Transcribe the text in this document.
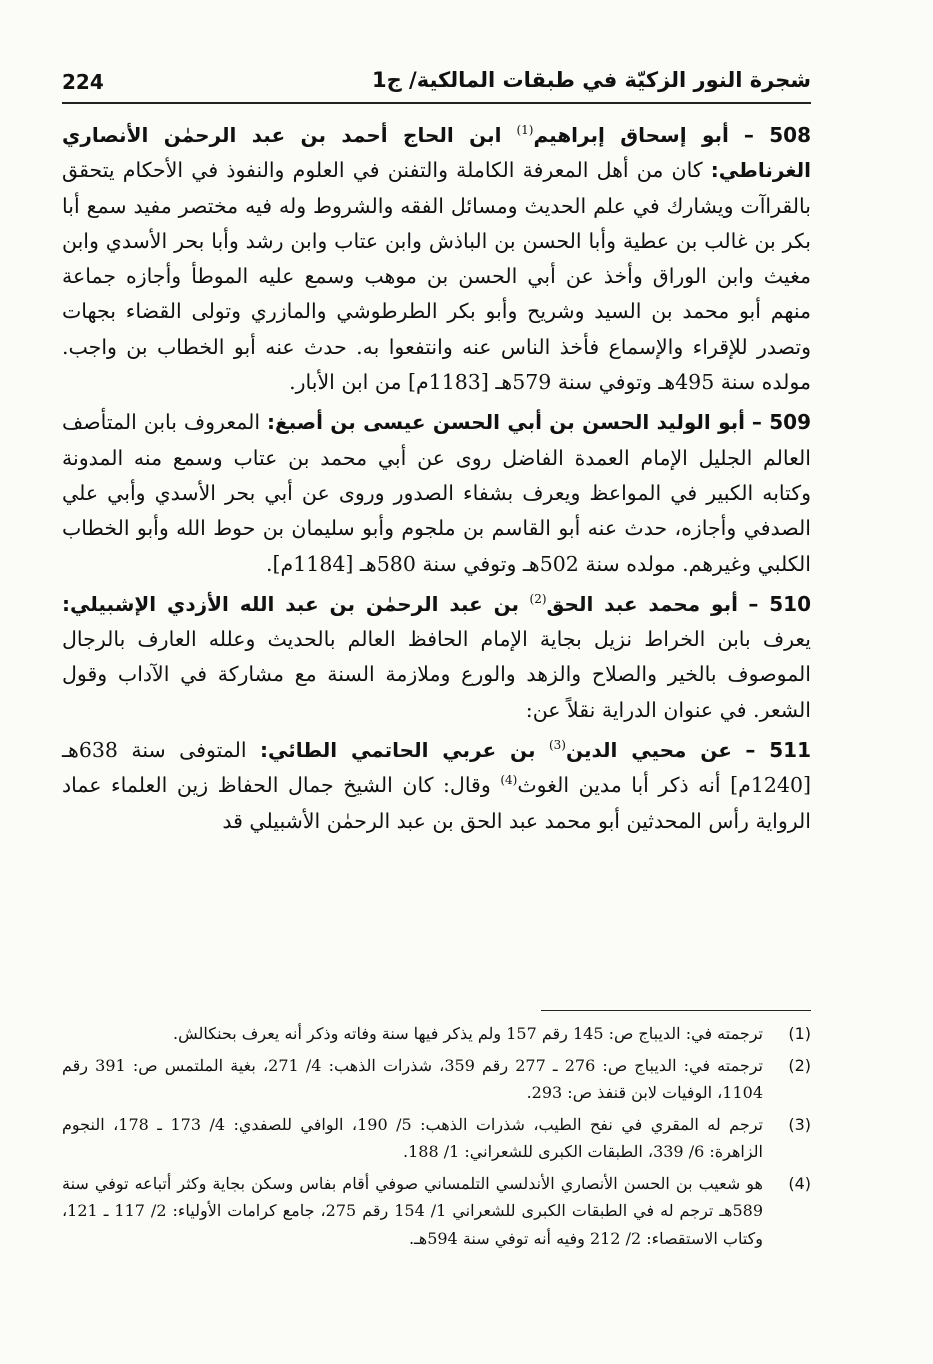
شجرة النور الزكيّة في طبقات المالكية/ ج1
224

508 – أبو إسحاق إبراهيم$^{(1)}$ ابن الحاج أحمد بن عبد الرحمٰن الأنصاري الغرناطي: كان من أهل المعرفة الكاملة والتفنن في العلوم والنفوذ في الأحكام يتحقق بالقراآت ويشارك في علم الحديث ومسائل الفقه والشروط وله فيه مختصر مفيد سمع أبا بكر بن غالب بن عطية وأبا الحسن بن الباذش وابن عتاب وابن رشد وأبا بحر الأسدي وابن مغيث وابن الوراق وأخذ عن أبي الحسن بن موهب وسمع عليه الموطأ وأجازه جماعة منهم أبو محمد بن السيد وشريح وأبو بكر الطرطوشي والمازري وتولى القضاء بجهات وتصدر للإقراء والإسماع فأخذ الناس عنه وانتفعوا به. حدث عنه أبو الخطاب بن واجب. مولده سنة 495هـ وتوفي سنة 579هـ [1183م] من ابن الأبار.

509 – أبو الوليد الحسن بن أبي الحسن عيسى بن أصبغ: المعروف بابن المتأصف العالم الجليل الإمام العمدة الفاضل روى عن أبي محمد بن عتاب وسمع منه المدونة وكتابه الكبير في المواعظ ويعرف بشفاء الصدور وروى عن أبي بحر الأسدي وأبي علي الصدفي وأجازه، حدث عنه أبو القاسم بن ملجوم وأبو سليمان بن حوط الله وأبو الخطاب الكلبي وغيرهم. مولده سنة 502هـ وتوفي سنة 580هـ [1184م].

510 – أبو محمد عبد الحق$^{(2)}$ بن عبد الرحمٰن بن عبد الله الأزدي الإشبيلي: يعرف بابن الخراط نزيل بجاية الإمام الحافظ العالم بالحديث وعلله العارف بالرجال الموصوف بالخير والصلاح والزهد والورع وملازمة السنة مع مشاركة في الآداب وقول الشعر. في عنوان الدراية نقلاً عن:

511 – عن محيي الدين$^{(3)}$ بن عربي الحاتمي الطائي: المتوفى سنة 638هـ [1240م] أنه ذكر أبا مدين الغوث$^{(4)}$ وقال: كان الشيخ جمال الحفاظ زين العلماء عماد الرواية رأس المحدثين أبو محمد عبد الحق بن عبد الرحمٰن الأشبيلي قد

(1)
ترجمته في: الديباج ص: 145 رقم 157 ولم يذكر فيها سنة وفاته وذكر أنه يعرف بحنكالش.
(2)
ترجمته في: الديباج ص: 276 ـ 277 رقم 359، شذرات الذهب: 4/ 271، بغية الملتمس ص: 391 رقم 1104، الوفيات لابن قنفذ ص: 293.
(3)
ترجم له المقري في نفح الطيب، شذرات الذهب: 5/ 190، الوافي للصفدي: 4/ 173 ـ 178، النجوم الزاهرة: 6/ 339، الطبقات الكبرى للشعراني: 1/ 188.
(4)
هو شعيب بن الحسن الأنصاري الأندلسي التلمساني صوفي أقام بفاس وسكن بجاية وكثر أتباعه توفي سنة 589هـ ترجم له في الطبقات الكبرى للشعراني 1/ 154 رقم 275، جامع كرامات الأولياء: 2/ 117 ـ 121، وكتاب الاستقصاء: 2/ 212 وفيه أنه توفي سنة 594هـ.
